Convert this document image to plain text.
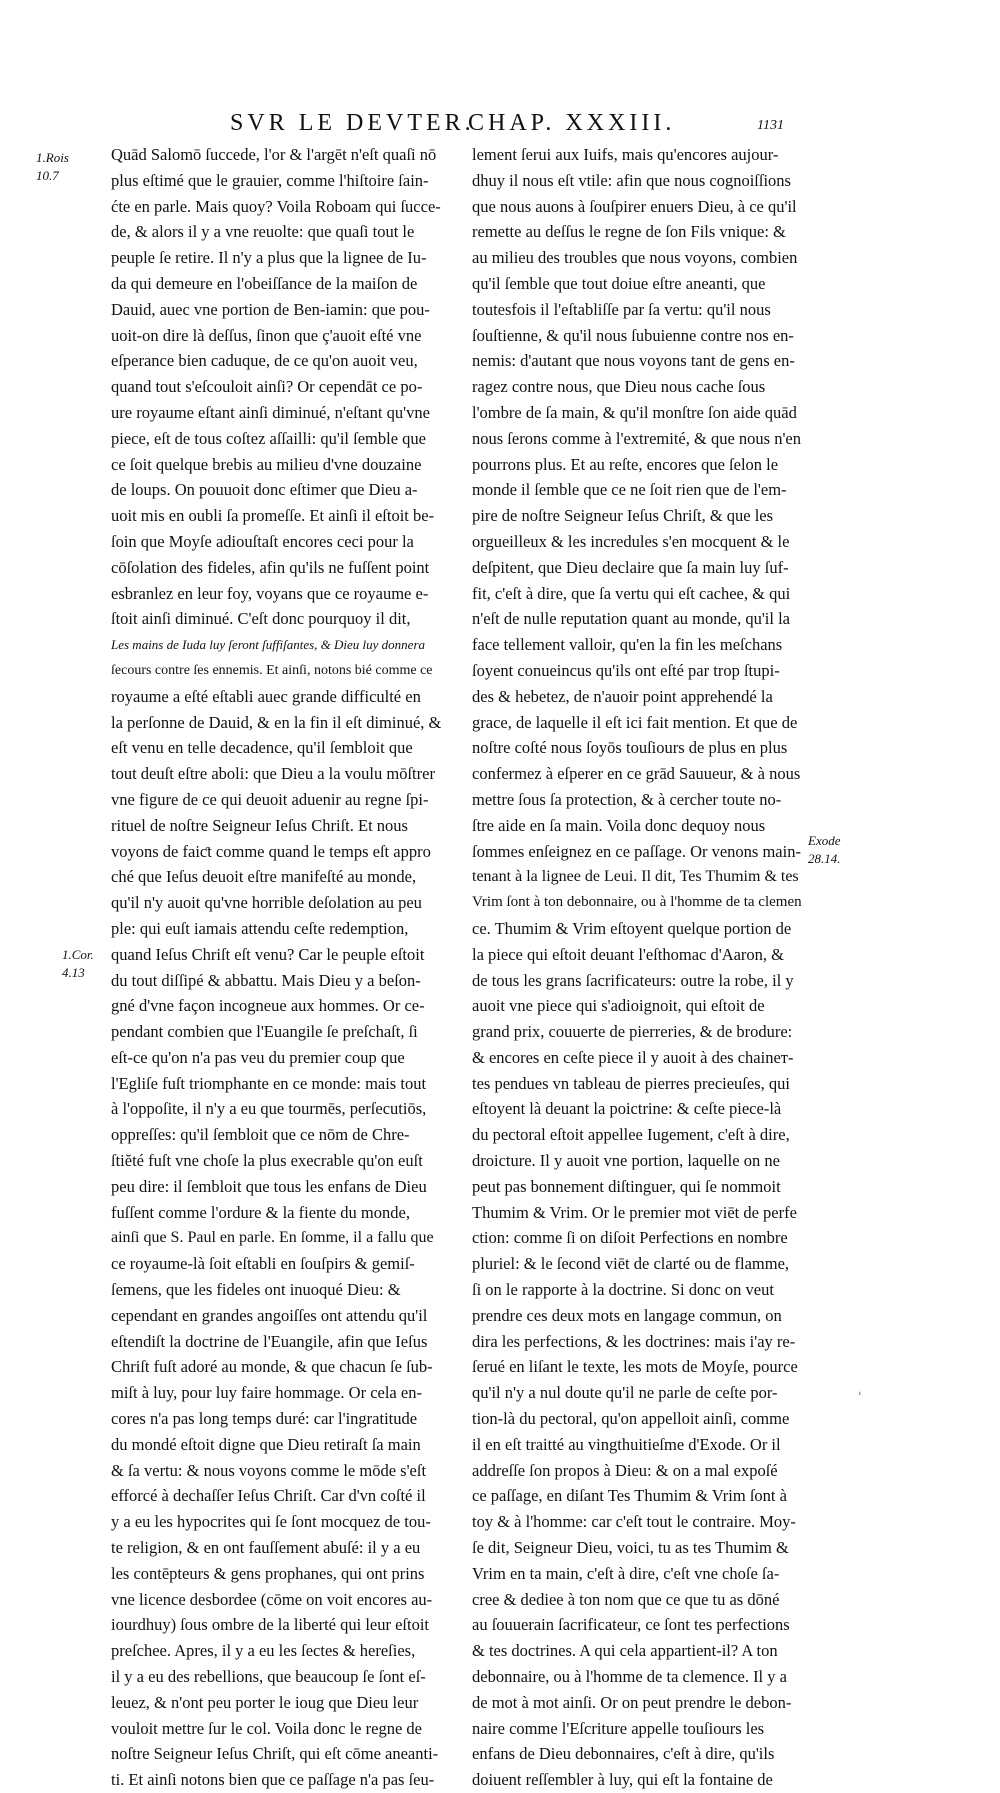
SVR LE DEVTER.
CHAP. XXXIII.	1131
1.Rois
10.7
1.Cor.
4.13
Exode
28.14.
Quād Salomō ſuccede, l'or & l'argēt n'eſt quaſi nō
plus eſtimé que le grauier, comme l'hiſtoire ſain-
ćte en parle. Mais quoy? Voila Roboam qui ſucce-
de, & alors il y a vne reuolte: que quaſi tout le
peuple ſe retire. Il n'y a plus que la lignee de Iu-
da qui demeure en l'obeiſſance de la maiſon de
Dauid, auec vne portion de Ben-iamin: que pou-
uoit-on dire là deſſus, ſinon que ç'auoit eſté vne
eſperance bien caduque, de ce qu'on auoit veu,
quand tout s'eſcouloit ainſi? Or cependāt ce po-
ure royaume eſtant ainſi diminué, n'eſtant qu'vne
piece, eſt de tous coſtez aſſailli: qu'il ſemble que
ce ſoit quelque brebis au milieu d'vne douzaine
de loups. On pouuoit donc eſtimer que Dieu a-
uoit mis en oubli ſa promeſſe. Et ainſi il eſtoit be-
ſoin que Moyſe adiouſtaſt encores ceci pour la
cōſolation des fideles, afin qu'ils ne fuſſent point
esbranlez en leur foy, voyans que ce royaume e-
ſtoit ainſi diminué. C'eſt donc pourquoy il dit,
Les mains de Iuda luy ſeront ſuffiſantes, & Dieu luy donnera
ſecours contre ſes ennemis. Et ainſi, notons bié comme ce
royaume a eſté eſtabli auec grande difficulté en
la perſonne de Dauid, & en la fin il eſt diminué, &
eſt venu en telle decadence, qu'il ſembloit que
tout deuſt eſtre aboli: que Dieu a la voulu mōſtrer
vne figure de ce qui deuoit aduenir au regne ſpi-
rituel de noſtre Seigneur Ieſus Chriſt. Et nous
voyons de faiƈt comme quand le temps eſt appro
ché que Ieſus deuoit eſtre manifeſté au monde,
qu'il n'y auoit qu'vne horrible deſolation au peu
ple: qui euſt iamais attendu ceſte redemption,
quand Ieſus Chriſt eſt venu? Car le peuple eſtoit
du tout diſſipé & abbattu. Mais Dieu y a beſon-
gné d'vne façon incogneue aux hommes. Or ce-
pendant combien que l'Euangile ſe preſchaſt, ſi
eſt-ce qu'on n'a pas veu du premier coup que
l'Egliſe fuſt triomphante en ce monde: mais tout
à l'oppoſite, il n'y a eu que tourmēs, perſecutiōs,
oppreſſes: qu'il ſembloit que ce nōm de Chre-
ſtiĕté fuſt vne choſe la plus execrable qu'on euſt
peu dire: il ſembloit que tous les enfans de Dieu
fuſſent comme l'ordure & la fiente du monde,
ainſi que S. Paul en parle. En ſomme, il a fallu que
ce royaume-là ſoit eſtabli en ſouſpirs & gemiſ-
ſemens, que les fideles ont inuoqué Dieu: &
cependant en grandes angoiſſes ont attendu qu'il
eſtendiſt la doctrine de l'Euangile, afin que Ieſus
Chriſt fuſt adoré au monde, & que chacun ſe ſub-
miſt à luy, pour luy faire hommage. Or cela en-
cores n'a pas long temps duré: car l'ingratitude
du mondé eſtoit digne que Dieu retiraſt ſa main
& ſa vertu: & nous voyons comme le mōde s'eſt
efforcé à dechaſſer Ieſus Chriſt. Car d'vn coſté il
y a eu les hypocrites qui ſe ſont mocquez de tou-
te religion, & en ont fauſſement abuſé: il y a eu
les contēpteurs & gens prophanes, qui ont prins
vne licence desbordee (cōme on voit encores au-
iourdhuy) ſous ombre de la liberté qui leur eſtoit
preſchee. Apres, il y a eu les ſectes & hereſies,
il y a eu des rebellions, que beaucoup ſe ſont eſ-
leuez, & n'ont peu porter le ioug que Dieu leur
vouloit mettre ſur le col. Voila donc le regne de
noſtre Seigneur Ieſus Chriſt, qui eſt cōme aneanti-
ti. Et ainſi notons bien que ce paſſage n'a pas ſeu-
lement ſerui aux Iuifs, mais qu'encores aujour-
dhuy il nous eſt vtile: afin que nous cognoiſſions
que nous auons à ſouſpirer enuers Dieu, à ce qu'il
remette au deſſus le regne de ſon Fils vnique: &
au milieu des troubles que nous voyons, combien
qu'il ſemble que tout doiue eſtre aneanti, que
toutesfois il l'eſtabliſſe par ſa vertu: qu'il nous
ſouſtienne, & qu'il nous ſubuienne contre nos en-
nemis: d'autant que nous voyons tant de gens en-
ragez contre nous, que Dieu nous cache ſous
l'ombre de ſa main, & qu'il monſtre ſon aide quād
nous ſerons comme à l'extremité, & que nous n'en
pourrons plus. Et au reſte, encores que ſelon le
monde il ſemble que ce ne ſoit rien que de l'em-
pire de noſtre Seigneur Ieſus Chriſt, & que les
orgueilleux & les incredules s'en mocquent & le
deſpitent, que Dieu declaire que ſa main luy ſuf-
fit, c'eſt à dire, que ſa vertu qui eſt cachee, & qui
n'eſt de nulle reputation quant au monde, qu'il la
face tellement valloir, qu'en la fin les meſchans
ſoyent conueincus qu'ils ont eſté par trop ſtupi-
des & hebetez, de n'auoir point apprehendé la
grace, de laquelle il eſt ici fait mention. Et que de
noſtre coſté nous ſoyōs touſiours de plus en plus
confermez à eſperer en ce grād Sauueur, & à nous
mettre ſous ſa protection, & à cercher toute no-
ſtre aide en ſa main. Voila donc dequoy nous
ſommes enſeignez en ce paſſage. Or venons main-
tenant à la lignee de Leui. Il dit, Tes Thumim & tes
Vrim ſont à ton debonnaire, ou à l'homme de ta clemen
ce. Thumim & Vrim eſtoyent quelque portion de
la piece qui eſtoit deuant l'eſthomac d'Aaron, &
de tous les grans ſacrificateurs: outre la robe, il y
auoit vne piece qui s'adioignoit, qui eſtoit de
grand prix, couuerte de pierreries, & de brodure:
& encores en ceſte piece il y auoit à des chaineт-
tes pendues vn tableau de pierres precieuſes, qui
eſtoyent là deuant la poictrine: & ceſte piece-là
du pectoral eſtoit appellee Iugement, c'eſt à dire,
droicture. Il y auoit vne portion, laquelle on ne
peut pas bonnement diſtinguer, qui ſe nommoit
Thumim & Vrim. Or le premier mot viēt de perfe
ction: comme ſi on diſoit Perfections en nombre
pluriel: & le ſecond viēt de clarté ou de flamme,
ſi on le rapporte à la doctrine. Si donc on veut
prendre ces deux mots en langage commun, on
dira les perfections, & les doctrines: mais i'ay re-
ſerué en liſant le texte, les mots de Moyſe, pource
qu'il n'y a nul doute qu'il ne parle de ceſte por-
tion-là du pectoral, qu'on appelloit ainſi, comme
il en eſt traitté au vingthuitieſme d'Exode. Or il
addreſſe ſon propos à Dieu: & on a mal expoſé
ce paſſage, en diſant Tes Thumim & Vrim ſont à
toy & à l'homme: car c'eſt tout le contraire. Moy-
ſe dit, Seigneur Dieu, voici, tu as tes Thumim &
Vrim en ta main, c'eſt à dire, c'eſt vne choſe ſa-
cree & dediee à ton nom que ce que tu as dōné
au ſouuerain ſacrificateur, ce ſont tes perfections
& tes doctrines. A qui cela appartient-il? A ton
debonnaire, ou à l'homme de ta clemence. Il y a
de mot à mot ainſi. Or on peut prendre le debon-
naire comme l'Eſcriture appelle touſiours les
enfans de Dieu debonnaires, c'eſt à dire, qu'ils
doiuent reſſembler à luy, qui eſt la fontaine de
›
